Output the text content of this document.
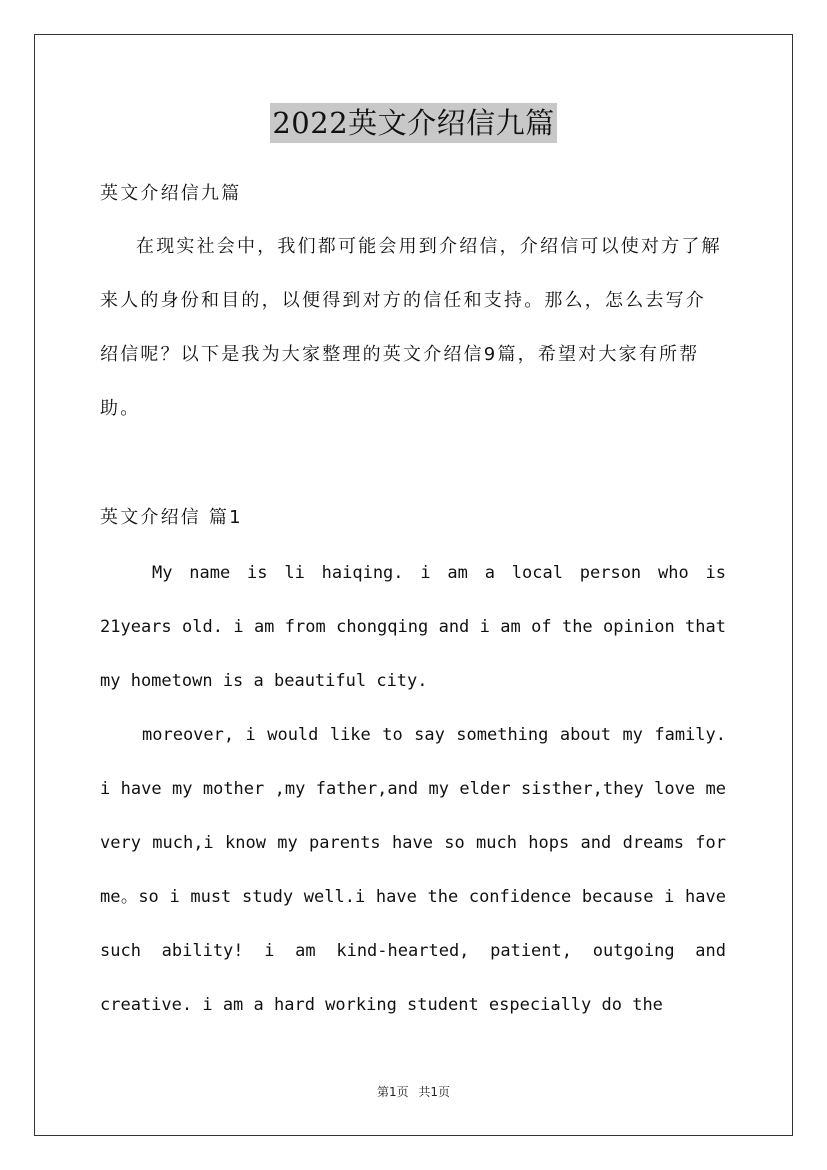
2022英文介绍信九篇

英文介绍信九篇

在现实社会中，我们都可能会用到介绍信，介绍信可以使对方了解来人的身份和目的，以便得到对方的信任和支持。那么，怎么去写介绍信呢？以下是我为大家整理的英文介绍信9篇，希望对大家有所帮助。

英文介绍信 篇1

My name is li haiqing. i am a local person who is 21years old. i am from chongqing and i am of the opinion that my hometown is a beautiful city.

moreover, i would like to say something about my family. i have my mother ,my father,and my elder sisther,they love me very much,i know my parents have so much hops and dreams for me。so i must study well.i have the confidence because i have such ability! i am kind-hearted, patient, outgoing and creative. i am a hard working student especially do the

第1页 共1页
